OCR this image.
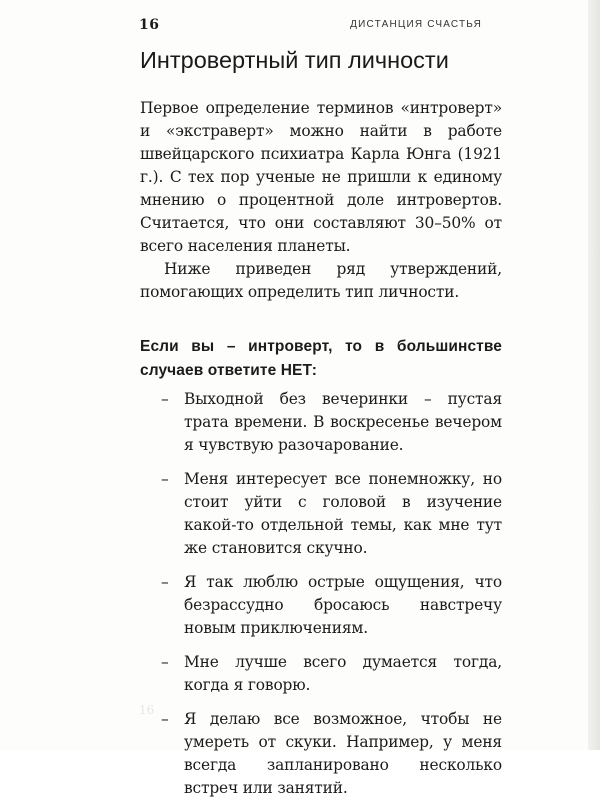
16	ДИСТАНЦИЯ СЧАСТЬЯ
Интровертный тип личности

Первое определение терминов «интроверт» и «экстраверт» можно найти в работе швейцарского психиатра Карла Юнга (1921 г.). С тех пор ученые не пришли к единому мнению о процентной доле интровертов. Считается, что они составляют 30–50% от всего населения планеты.

Ниже приведен ряд утверждений, помогающих определить тип личности.

Если вы – интроверт, то в большинстве случаев ответите НЕТ:

– Выходной без вечеринки – пустая трата времени. В воскресенье вечером я чувствую разочарование.
– Меня интересует все понемножку, но стоит уйти с головой в изучение какой-то отдельной темы, как мне тут же становится скучно.
– Я так люблю острые ощущения, что безрассудно бросаюсь навстречу новым приключениям.
– Мне лучше всего думается тогда, когда я говорю.
– Я делаю все возможное, чтобы не умереть от скуки. Например, у меня всегда запланировано несколько встреч или занятий.
16
